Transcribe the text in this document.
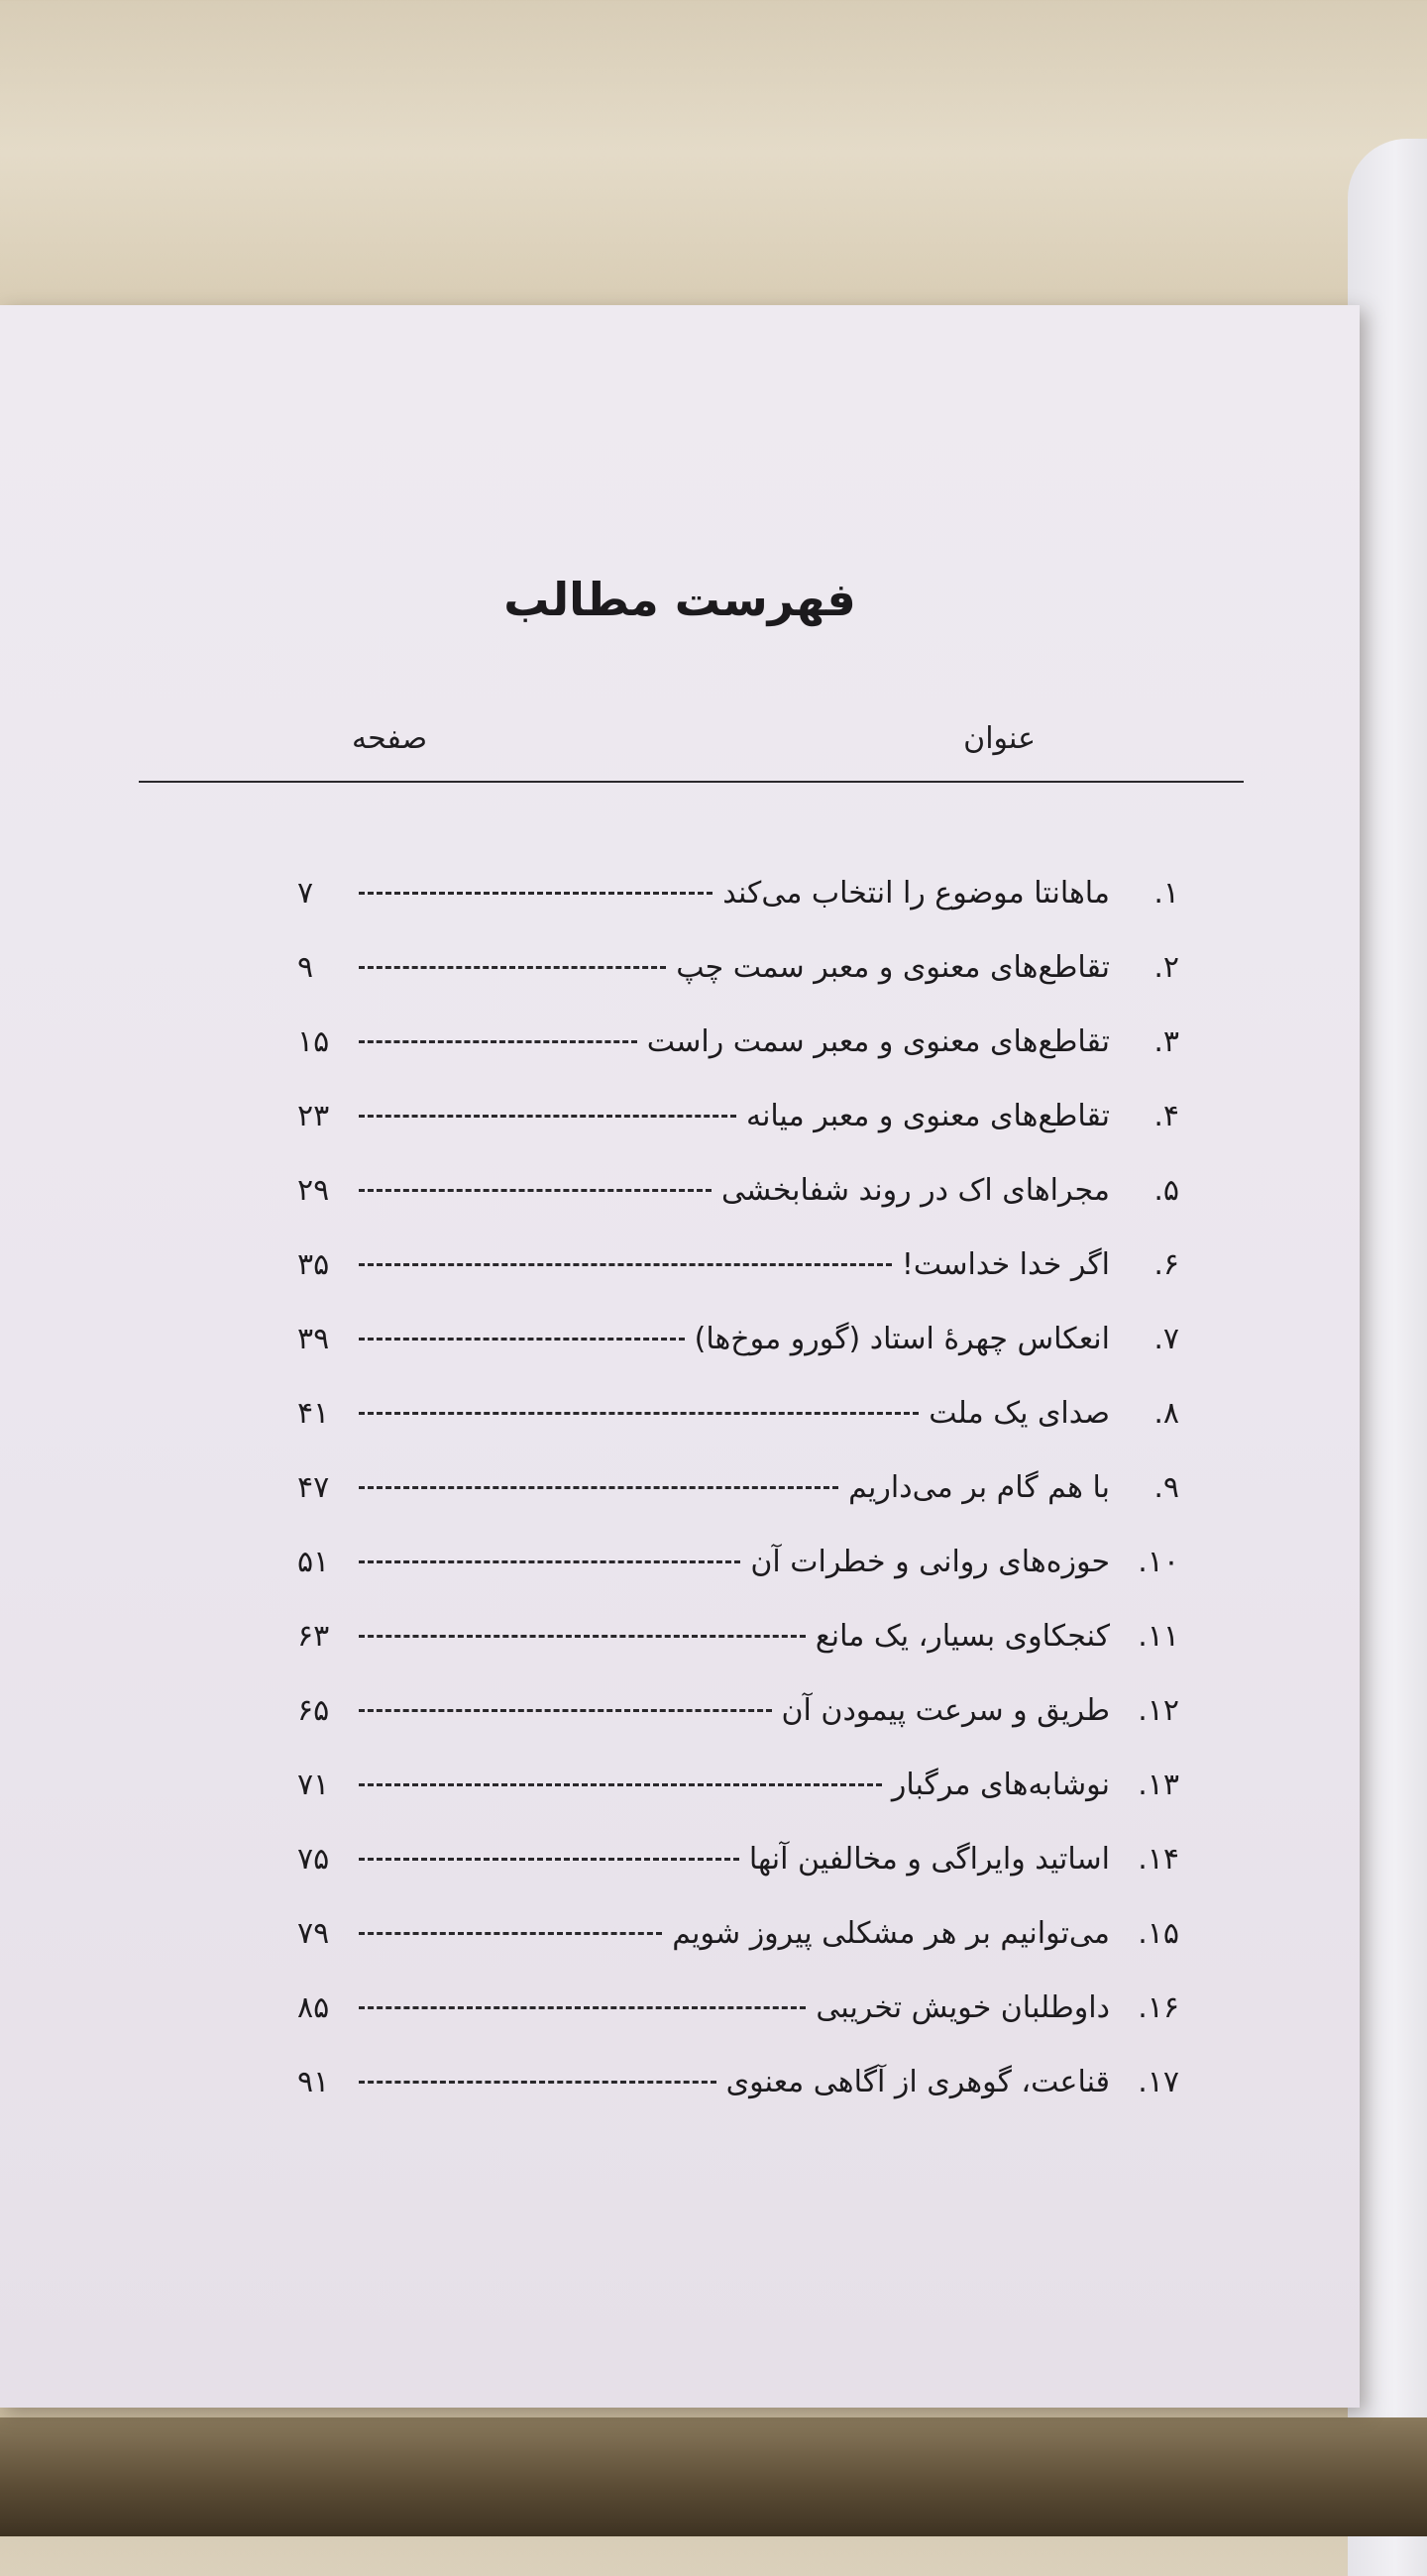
فهرست مطالب
عنوان
صفحه
۱.
ماهانتا موضوع را انتخاب می‌کند
۷
۲.
تقاطع‌های معنوی و معبر سمت چپ
۹
۳.
تقاطع‌های معنوی و معبر سمت راست
۱۵
۴.
تقاطع‌های معنوی و معبر میانه
۲۳
۵.
مجراهای اک در روند شفابخشی
۲۹
۶.
اگر خدا خداست!
۳۵
۷.
انعکاس چهرهٔ استاد (گورو موخ‌ها)
۳۹
۸.
صدای یک ملت
۴۱
۹.
با هم گام بر می‌داریم
۴۷
۱۰.
حوزه‌های روانی و خطرات آن
۵۱
۱۱.
کنجکاوی بسیار، یک مانع
۶۳
۱۲.
طریق و سرعت پیمودن آن
۶۵
۱۳.
نوشابه‌های مرگبار
۷۱
۱۴.
اساتید وایراگی و مخالفین آنها
۷۵
۱۵.
می‌توانیم بر هر مشکلی پیروز شویم
۷۹
۱۶.
داوطلبان خویش تخریبی
۸۵
۱۷.
قناعت، گوهری از آگاهی معنوی
۹۱
